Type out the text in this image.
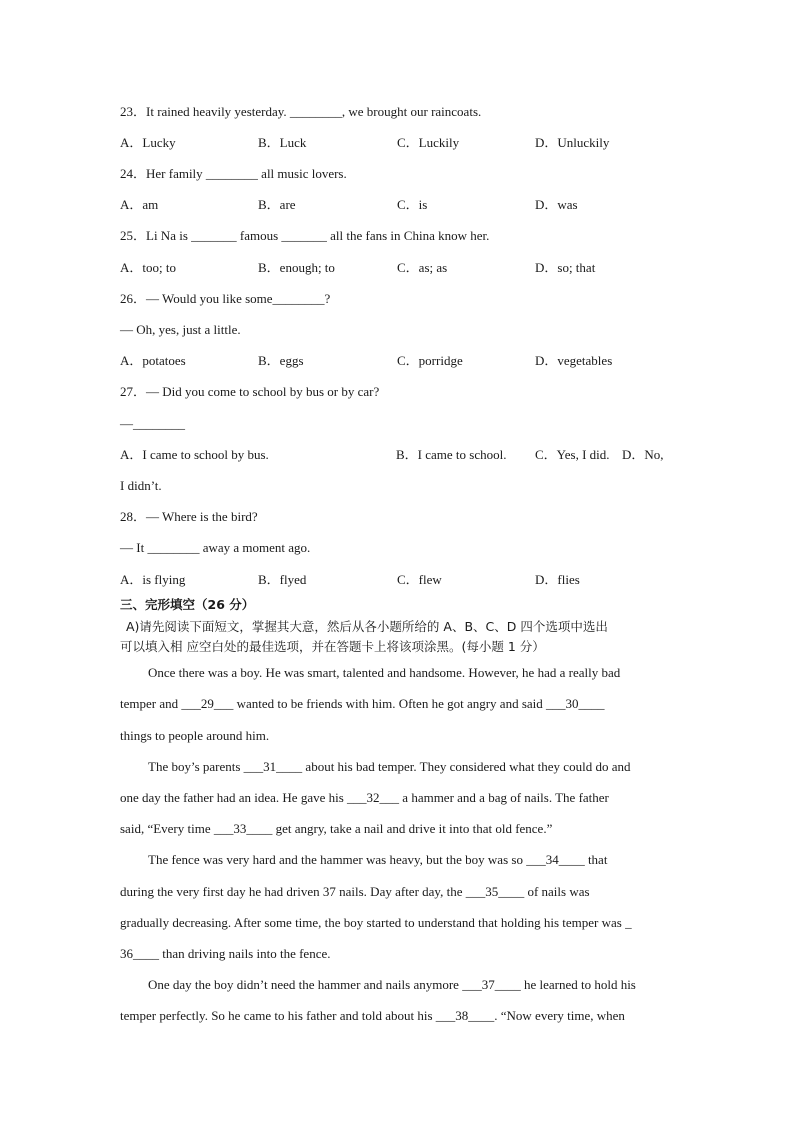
23．It rained heavily yesterday. ________, we brought our raincoats.
A．Lucky	B．Luck	C．Luckily	D．Unluckily
24．Her family ________ all music lovers.
A．am	B．are	C．is	D．was
25．Li Na is _______ famous _______ all the fans in China know her.
A．too; to	B．enough; to	C．as; as	D．so; that
26．— Would you like some________?
— Oh, yes, just a little.
A．potatoes	B．eggs	C．porridge	D．vegetables
27．— Did you come to school by bus or by car?
—________
A．I came to school by bus.	B．I came to school. C．Yes, I did. D．No,
I didn’t.
28．— Where is the bird?
— It ________ away a moment ago.
A．is flying	B．flyed	C．flew	D．flies
三、完形填空（26 分）
A)请先阅读下面短文，掌握其大意，然后从各小题所给的 A、B、C、D 四个选项中选出
可以填入相 应空白处的最佳选项，并在答题卡上将该项涂黑。(每小题 1 分）
Once there was a boy. He was smart, talented and handsome. However, he had a really bad
temper and ___29___ wanted to be friends with him. Often he got angry and said ___30____
things to people around him.
The boy’s parents ___31____ about his bad temper. They considered what they could do and
one day the father had an idea. He gave his ___32___ a hammer and a bag of nails. The father
said, “Every time ___33____ get angry, take a nail and drive it into that old fence.”
The fence was very hard and the hammer was heavy, but the boy was so ___34____ that
during the very first day he had driven 37 nails. Day after day, the ___35____ of nails was
gradually decreasing. After some time, the boy started to understand that holding his temper was _
36____ than driving nails into the fence.
One day the boy didn’t need the hammer and nails anymore ___37____ he learned to hold his
temper perfectly. So he came to his father and told about his ___38____. “Now every time, when
